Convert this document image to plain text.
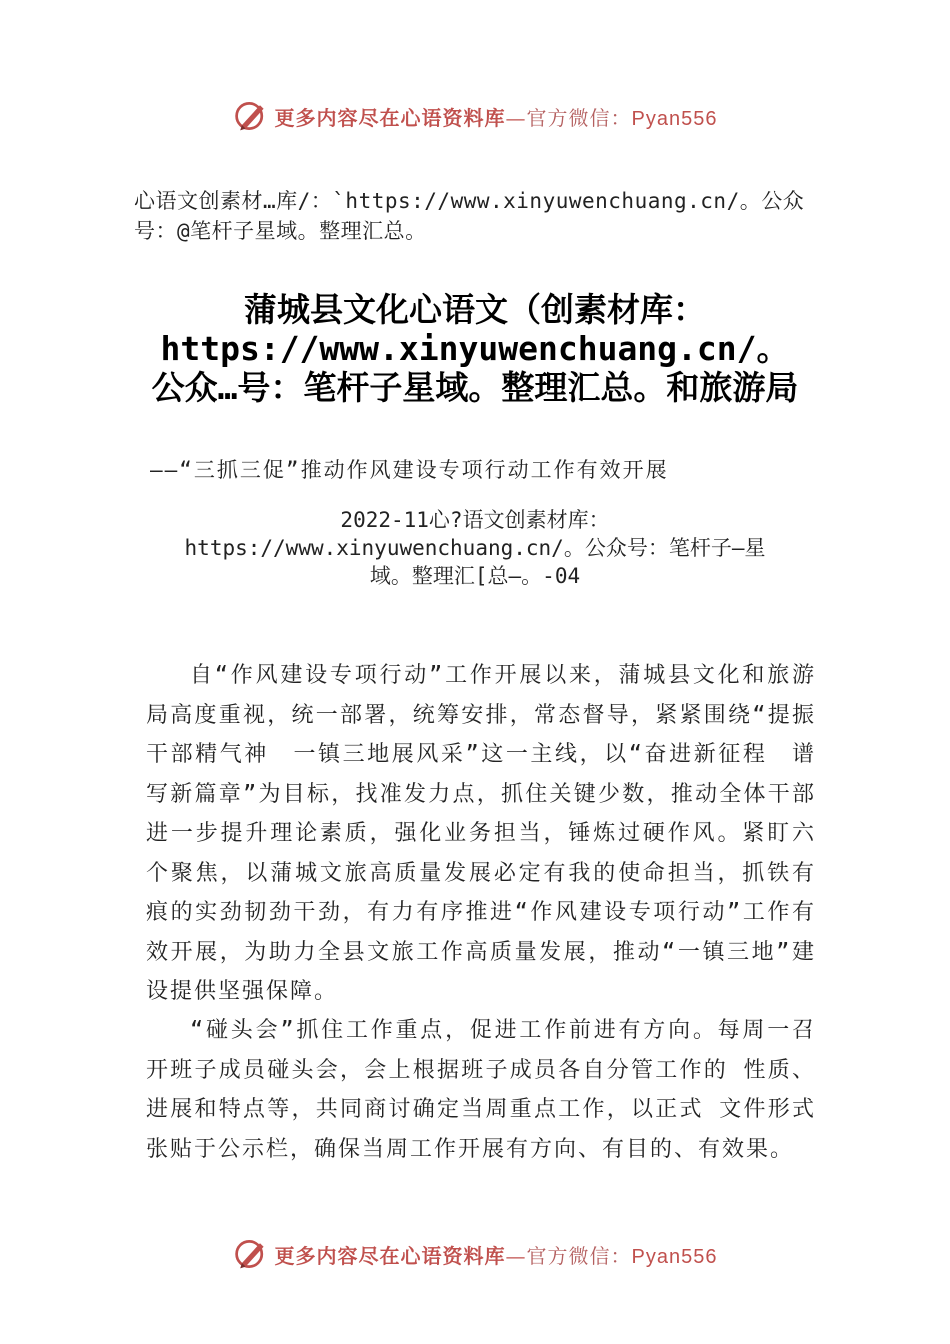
更多内容尽在心语资料库—官方微信：Pyan556
心语文创素材…库/：`https://www.xinyuwenchuang.cn/。公众号：@笔杆子星域。整理汇总。
蒲城县文化心语文（创素材库：https://www.xinyuwenchuang.cn/。公众…号：笔杆子星域。整理汇总。和旅游局
——“三抓三促”推动作风建设专项行动工作有效开展
2022-11心?语文创素材库：https://www.xinyuwenchuang.cn/。公众号：笔杆子—星域。整理汇[总—。-04

自“作风建设专项行动”工作开展以来，蒲城县文化和旅游局高度重视，统一部署，统筹安排，常态督导，紧紧围绕“提振干部精气神　一镇三地展风采”这一主线，以“奋进新征程　谱写新篇章”为目标，找准发力点，抓住关键少数，推动全体干部进一步提升理论素质，强化业务担当，锤炼过硬作风。紧盯六个聚焦，以蒲城文旅高质量发展必定有我的使命担当，抓铁有痕的实劲韧劲干劲，有力有序推进“作风建设专项行动”工作有效开展，为助力全县文旅工作高质量发展，推动“一镇三地”建设提供坚强保障。

“碰头会”抓住工作重点，促进工作前进有方向。每周一召开班子成员碰头会，会上根据班子成员各自分管工作的 性质、进展和特点等，共同商讨确定当周重点工作，以正式 文件形式张贴于公示栏，确保当周工作开展有方向、有目的、有效果。

更多内容尽在心语资料库—官方微信：Pyan556
